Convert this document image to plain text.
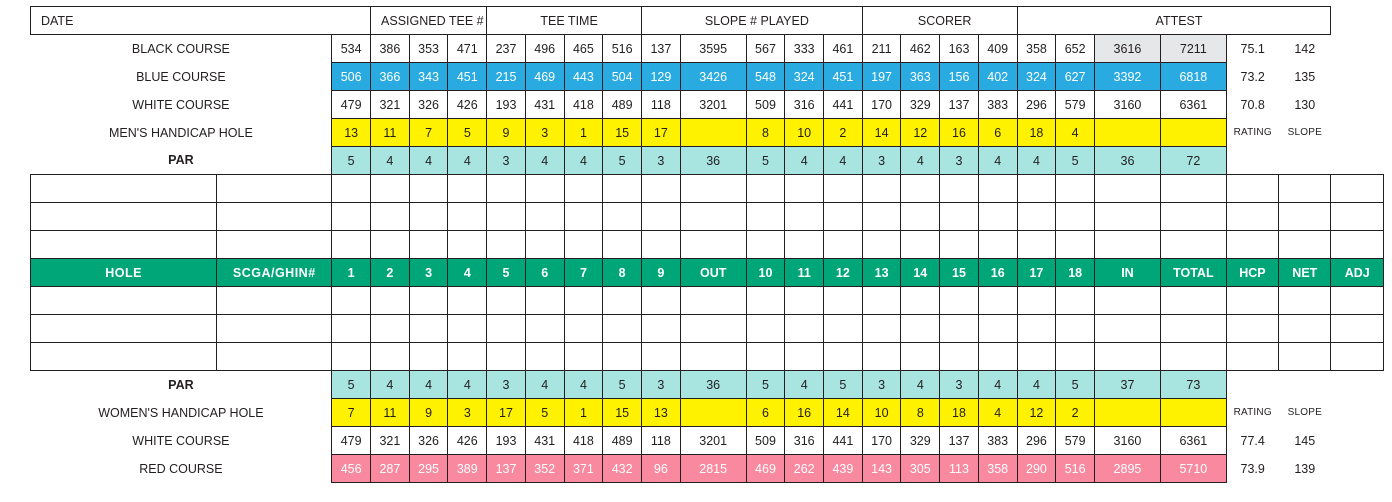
DATE			ASSIGNED TEE #			TEE TIME				SLOPE # PLAYED					SCORER				ATTEST						
BLACK COURSE		534	386	353	471	237	496	465	516	137	3595	567	333	461	211	462	163	409	358	652	3616	7211	75.1	142	
BLUE COURSE		506	366	343	451	215	469	443	504	129	3426	548	324	451	197	363	156	402	324	627	3392	6818	73.2	135	
WHITE COURSE		479	321	326	426	193	431	418	489	118	3201	509	316	441	170	329	137	383	296	579	3160	6361	70.8	130	
MEN'S HANDICAP HOLE		13	11	7	5	9	3	1	15	17		8	10	2	14	12	16	6	18	4			RATING	SLOPE	
PAR		5	4	4	4	3	4	4	5	3	36	5	4	4	3	4	3	4	4	5	36	72			

HOLE	SCGA/GHIN#	1	2	3	4	5	6	7	8	9	OUT	10	11	12	13	14	15	16	17	18	IN	TOTAL	HCP	NET	ADJ

PAR		5	4	4	4	3	4	4	5	3	36	5	4	5	3	4	3	4	4	5	37	73			
WOMEN'S HANDICAP HOLE		7	11	9	3	17	5	1	15	13		6	16	14	10	8	18	4	12	2			RATING	SLOPE	
WHITE COURSE		479	321	326	426	193	431	418	489	118	3201	509	316	441	170	329	137	383	296	579	3160	6361	77.4	145	
RED COURSE		456	287	295	389	137	352	371	432	96	2815	469	262	439	143	305	113	358	290	516	2895	5710	73.9	139	
